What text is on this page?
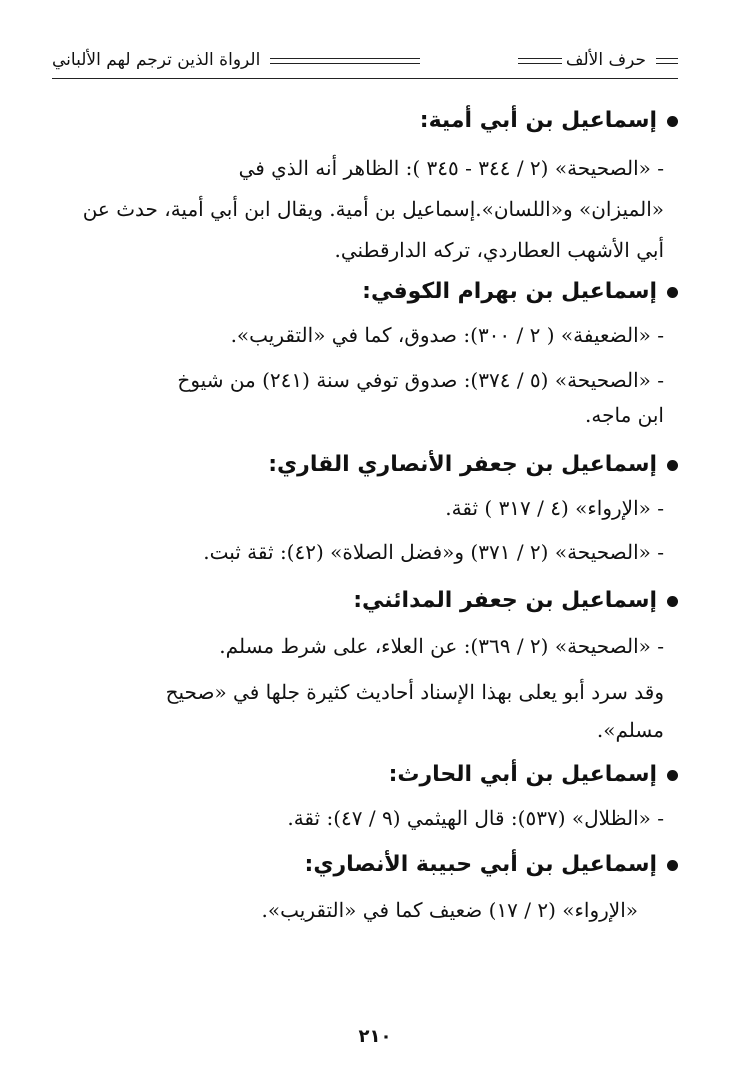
حرف الألف
الرواة الذين ترجم لهم الألباني
إسماعيل بن أبي أمية:
- «الصحيحة» (٢ / ٣٤٤ - ٣٤٥ ): الظاهر أنه الذي في
«الميزان» و«اللسان».إسماعيل بن أمية. ويقال ابن أبي أمية، حدث عن
أبي الأشهب العطاردي، تركه الدارقطني.
إسماعيل بن بهرام الكوفي:
- «الضعيفة» ( ٢ / ٣٠٠): صدوق، كما في «التقريب».
- «الصحيحة» (٥ / ٣٧٤): صدوق توفي سنة (٢٤١) من شيوخ
ابن ماجه.
إسماعيل بن جعفر الأنصاري القاري:
- «الإرواء» (٤ / ٣١٧ ) ثقة.
- «الصحيحة» (٢ / ٣٧١) و«فضل الصلاة» (٤٢): ثقة ثبت.
إسماعيل بن جعفر المدائني:
- «الصحيحة» (٢ / ٣٦٩): عن العلاء، على شرط مسلم.
وقد سرد أبو يعلى بهذا الإسناد أحاديث كثيرة جلها في «صحيح
مسلم».
إسماعيل بن أبي الحارث:
- «الظلال» (٥٣٧): قال الهيثمي (٩ / ٤٧): ثقة.
إسماعيل بن أبي حبيبة الأنصاري:
«الإرواء» (٢ / ١٧) ضعيف كما في «التقريب».
٢١٠
